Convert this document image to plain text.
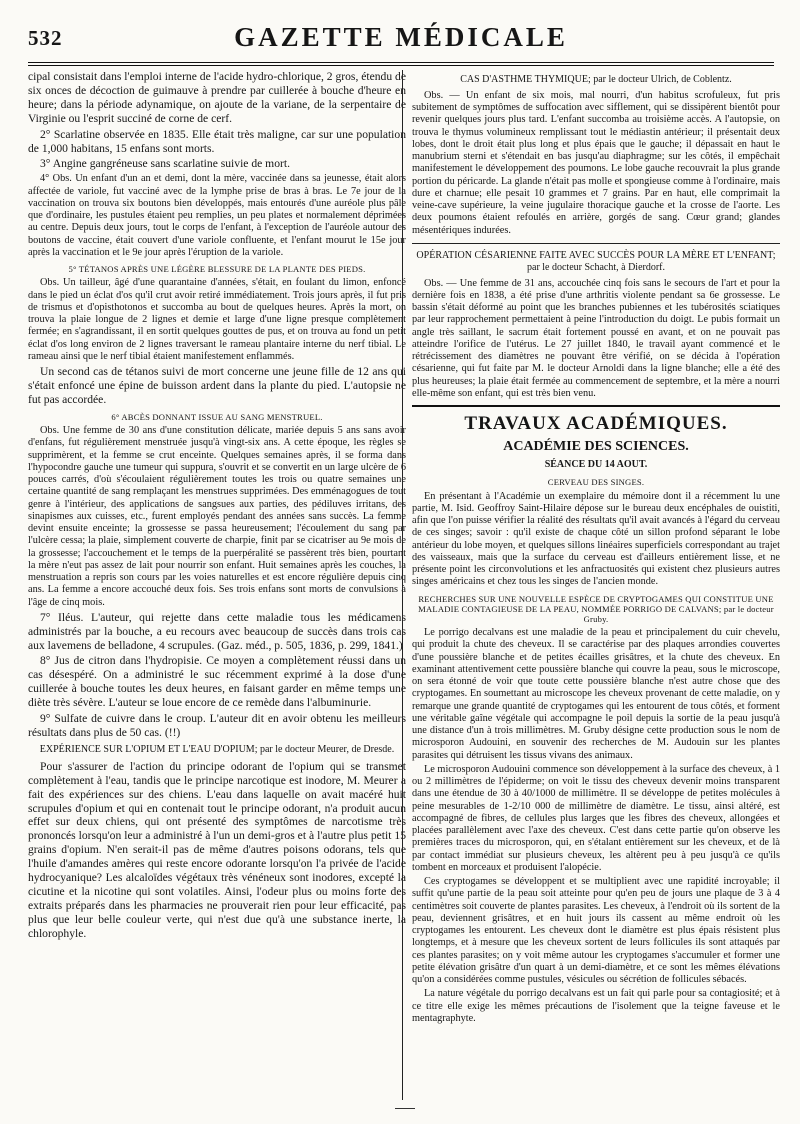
532	GAZETTE MÉDICALE

cipal consistait dans l'emploi interne de l'acide hydro-chlorique, 2 gros, étendu de six onces de décoction de guimauve à prendre par cuillerée à bouche d'heure en heure; dans la période adynamique, on ajoute de la variane, de la serpentaire de Virginie ou l'esprit succiné de corne de cerf.

2° Scarlatine observée en 1835. Elle était très maligne, car sur une population de 1,000 habitans, 15 enfans sont morts.

3° Angine gangréneuse sans scarlatine suivie de mort.

4° Obs. Un enfant d'un an et demi, dont la mère, vaccinée dans sa jeunesse, était alors affectée de variole, fut vacciné avec de la lymphe prise de bras à bras. Le 7e jour de la vaccination on trouva six boutons bien développés, mais entourés d'une auréole plus pâle que d'ordinaire, les pustules étaient peu remplies, un peu plates et normalement déprimées au centre. Depuis deux jours, tout le corps de l'enfant, à l'exception de l'auréole autour des boutons de vaccine, était couvert d'une variole confluente, et l'enfant mourut le 15e jour après la vaccination et le 9e jour après l'éruption de la variole.

5° TÉTANOS APRÈS UNE LÉGÈRE BLESSURE DE LA PLANTE DES PIEDS.

Obs. Un tailleur, âgé d'une quarantaine d'années, s'était, en foulant du limon, enfoncé dans le pied un éclat d'os qu'il crut avoir retiré immédiatement. Trois jours après, il fut pris de trismus et d'opisthotonos et succomba au bout de quelques heures. Après la mort, on trouva la plaie longue de 2 lignes et demie et large d'une ligne presque complètement fermée; en s'agrandissant, il en sortit quelques gouttes de pus, et on trouva au fond un petit éclat d'os long environ de 2 lignes traversant le rameau plantaire interne du nerf tibial. Le rameau ainsi que le nerf tibial étaient manifestement enflammés.

Un second cas de tétanos suivi de mort concerne une jeune fille de 12 ans qui s'était enfoncé une épine de buisson ardent dans la plante du pied. L'autopsie ne fut pas accordée.

6° ABCÈS DONNANT ISSUE AU SANG MENSTRUEL.

Obs. Une femme de 30 ans d'une constitution délicate, mariée depuis 5 ans sans avoir d'enfans, fut régulièrement menstruée jusqu'à vingt-six ans. A cette époque, les règles se supprimèrent, et la femme se crut enceinte. Quelques semaines après, il se forma dans l'hypocondre gauche une tumeur qui suppura, s'ouvrit et se convertit en un large ulcère de 6 pouces carrés, d'où s'écoulaient régulièrement toutes les trois ou quatre semaines une certaine quantité de sang remplaçant les menstrues supprimées. Des emménagogues de tout genre à l'intérieur, des applications de sangsues aux parties, des pédiluves irritans, des sinapismes aux cuisses, etc., furent employés pendant des années sans succès. La femme devint ensuite enceinte; la grossesse se passa heureusement; l'écoulement du sang par l'ulcère cessa; la plaie, simplement couverte de charpie, finit par se cicatriser au 9e mois de la grossesse; l'accouchement et le temps de la puerpéralité se passèrent très bien, pourtant la mère n'eut pas assez de lait pour nourrir son enfant. Huit semaines après les couches, la menstruation a repris son cours par les voies naturelles et est encore régulière depuis cinq ans. La femme a encore accouché deux fois. Ses trois enfans sont morts de convulsions à l'âge de cinq mois.

7° Iléus. L'auteur, qui rejette dans cette maladie tous les médicamens administrés par la bouche, a eu recours avec beaucoup de succès dans trois cas aux lavemens de belladone, 4 scrupules. (Gaz. méd., p. 505, 1836, p. 299, 1841.)

8° Jus de citron dans l'hydropisie. Ce moyen a complètement réussi dans un cas désespéré. On a administré le suc récemment exprimé à la dose d'une cuillerée à bouche toutes les deux heures, en faisant garder en même temps une diète très sévère. L'auteur se loue encore de ce remède dans l'albuminurie.

9° Sulfate de cuivre dans le croup. L'auteur dit en avoir obtenu les meilleurs résultats dans plus de 50 cas. (!!)

EXPÉRIENCE SUR L'OPIUM ET L'EAU D'OPIUM; par le docteur Meurer, de Dresde.

Pour s'assurer de l'action du principe odorant de l'opium qui se transmet complètement à l'eau, tandis que le principe narcotique est inodore, M. Meurer a fait des expériences sur des chiens. L'eau dans laquelle on avait macéré huit scrupules d'opium et qui en contenait tout le principe odorant, n'a produit aucun effet sur deux chiens, qui ont présenté des symptômes de narcotisme très prononcés lorsqu'on leur a administré à l'un un demi-gros et à l'autre plus petit 15 grains d'opium. N'en serait-il pas de même d'autres poisons odorans, tels que l'huile d'amandes amères qui reste encore odorante lorsqu'on l'a privée de l'acide hydrocyanique? Les alcaloïdes végétaux très vénéneux sont inodores, excepté la cicutine et la nicotine qui sont volatiles. Ainsi, l'odeur plus ou moins forte des extraits préparés dans les pharmacies ne prouverait rien pour leur efficacité, pas plus que leur belle couleur verte, qui n'est due qu'à une substance inerte, la chlorophyle.

CAS D'ASTHME THYMIQUE; par le docteur Ulrich, de Coblentz.

Obs. — Un enfant de six mois, mal nourri, d'un habitus scrofuleux, fut pris subitement de symptômes de suffocation avec sifflement, qui se dissipèrent bientôt pour revenir quelques jours plus tard. L'enfant succomba au troisième accès. A l'autopsie, on trouva le thymus volumineux remplissant tout le médiastin antérieur; il présentait deux lobes, dont le droit était plus long et plus épais que le gauche; il dépassait en haut le manubrium sterni et s'étendait en bas jusqu'au diaphragme; sur les côtés, il empêchait manifestement le développement des poumons. Le lobe gauche recouvrait la plus grande portion du péricarde. La glande n'était pas molle et spongieuse comme à l'ordinaire, mais dure et charnue; elle pesait 10 grammes et 7 grains. Par en haut, elle comprimait la veine-cave supérieure, la veine jugulaire thoracique gauche et la crosse de l'aorte. Les deux poumons étaient refoulés en arrière, gorgés de sang. Cœur grand; glandes mésentériques indurées.

OPÉRATION CÉSARIENNE FAITE AVEC SUCCÈS POUR LA MÈRE ET L'ENFANT; par le docteur Schacht, à Dierdorf.

Obs. — Une femme de 31 ans, accouchée cinq fois sans le secours de l'art et pour la dernière fois en 1838, a été prise d'une arthritis violente pendant sa 6e grossesse. Le bassin s'était déformé au point que les branches pubiennes et les tubérosités sciatiques par leur rapprochement permettaient à peine l'introduction du doigt. Le pubis formait un angle très saillant, le sacrum était fortement poussé en avant, et on ne pouvait pas atteindre l'orifice de l'utérus. Le 27 juillet 1840, le travail ayant commencé et le rétrécissement des diamètres ne pouvant être vérifié, on se décida à l'opération césarienne, qui fut faite par M. le docteur Arnoldi dans la ligne blanche; elle a été des plus heureuses; la plaie était fermée au commencement de septembre, et la mère a nourri elle-même son enfant, qui est très bien venu.

TRAVAUX ACADÉMIQUES.
ACADÉMIE DES SCIENCES.
SÉANCE DU 14 AOUT.
CERVEAU DES SINGES.

En présentant à l'Académie un exemplaire du mémoire dont il a récemment lu une partie, M. Isid. Geoffroy Saint-Hilaire dépose sur le bureau deux encéphales de ouistiti, afin que l'on puisse vérifier la réalité des résultats qu'il avait avancés à l'égard du cerveau de ces singes; savoir : qu'il existe de chaque côté un sillon profond séparant le lobe antérieur du lobe moyen, et quelques sillons linéaires superficiels correspondant au trajet des vaisseaux, mais que la surface du cerveau est d'ailleurs entièrement lisse, et ne présente point les circonvolutions et les anfractuosités qui existent chez plusieurs autres singes américains et chez tous les singes de l'ancien monde.

RECHERCHES SUR UNE NOUVELLE ESPÈCE DE CRYPTOGAMES QUI CONSTITUE UNE MALADIE CONTAGIEUSE DE LA PEAU, NOMMÉE PORRIGO DE CALVANS; par le docteur Gruby.

Le porrigo decalvans est une maladie de la peau et principalement du cuir chevelu, qui produit la chute des cheveux. Il se caractérise par des plaques arrondies couvertes d'une poussière blanche et de petites écailles grisâtres, et la chute des cheveux. En examinant attentivement cette poussière blanche qui couvre la peau, sous le microscope, on sera étonné de voir que toute cette poussière blanche n'est autre chose que des cryptogames. En soumettant au microscope les cheveux provenant de cette maladie, on y remarque une grande quantité de cryptogames qui les entourent de tous côtés, et forment une véritable gaîne végétale qui accompagne le poil depuis la sortie de la peau jusqu'à une distance d'un à trois millimètres. M. Gruby désigne cette production sous le nom de microsporon Audouini, en souvenir des recherches de M. Audouin sur les plantes parasites qui détruisent les tissus vivans des animaux.

Le microsporon Audouini commence son développement à la surface des cheveux, à 1 ou 2 millimètres de l'épiderme; on voit le tissu des cheveux devenir moins transparent dans une étendue de 30 à 40/1000 de millimètre. Il se développe de petites molécules à peine mesurables de 1-2/10 000 de millimètre de diamètre. Le tissu, ainsi altéré, est accompagné de fibres, de cellules plus larges que les fibres des cheveux, allongées et placées parallèlement avec l'axe des cheveux. C'est dans cette partie qu'on observe les premières traces du microsporon, qui, en s'étalant entièrement sur les cheveux, et de là par contact immédiat sur plusieurs cheveux, les altèrent peu à peu jusqu'à ce qu'ils tombent en morceaux et produisent l'alopécie.

Ces cryptogames se développent et se multiplient avec une rapidité incroyable; il suffit qu'une partie de la peau soit atteinte pour qu'en peu de jours une plaque de 3 à 4 centimètres soit couverte de plantes parasites. Les cheveux, à l'endroit où ils sortent de la peau, deviennent grisâtres, et en huit jours ils cassent au même endroit où les cryptogames les entourent. Les cheveux dont le diamètre est plus épais résistent plus longtemps, et à mesure que les cheveux sortent de leurs follicules ils sont attaqués par ces plantes parasites; on y voit même autour les cryptogames s'accumuler et former une petite élévation grisâtre d'un quart à un demi-diamètre, et ce sont les mêmes élévations qu'on a considérées comme pustules, vésicules ou sécrétion de follicules sébacés.

La nature végétale du porrigo decalvans est un fait qui parle pour sa contagiosité; et à ce titre elle exige les mêmes précautions de l'isolement que la teigne faveuse et le mentagraphyte.
